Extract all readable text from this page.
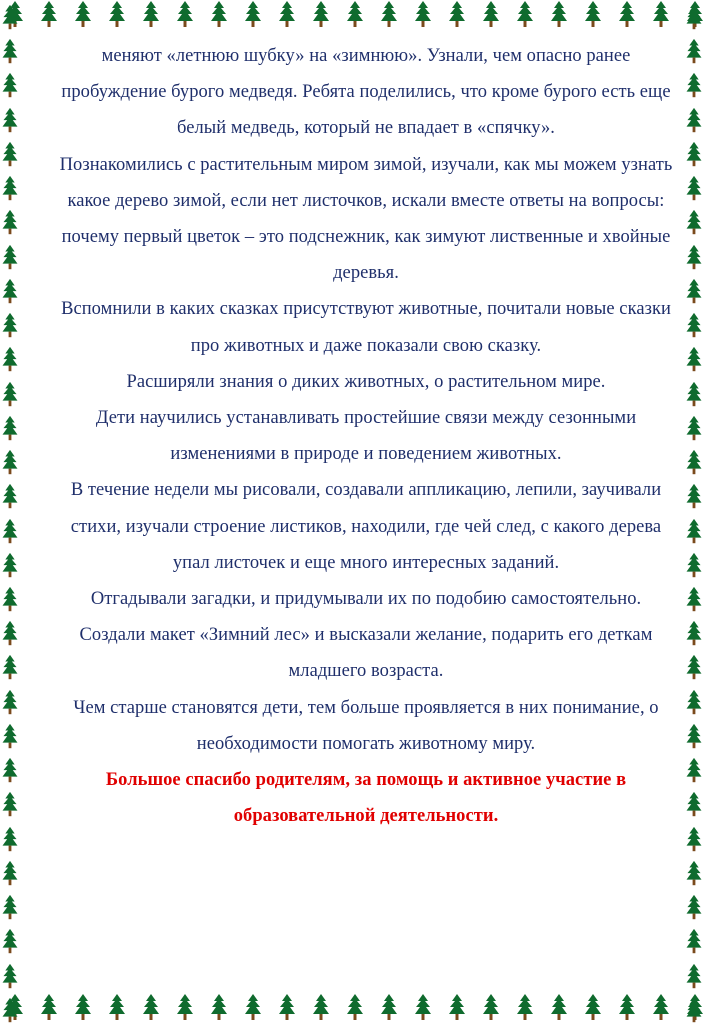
меняют «летнюю шубку» на «зимнюю». Узнали, чем опасно ранее пробуждение бурого медведя. Ребята поделились, что кроме бурого есть еще белый медведь, который не впадает в «спячку».

Познакомились с растительным миром зимой, изучали, как мы можем узнать какое дерево зимой, если нет листочков, искали вместе ответы на вопросы: почему первый цветок – это подснежник, как зимуют лиственные и хвойные деревья.

Вспомнили в каких сказках присутствуют животные, почитали новые сказки про животных и даже показали свою сказку.

Расширяли знания о диких животных, о растительном мире.

Дети научились устанавливать простейшие связи между сезонными изменениями в природе и поведением животных.

В течение недели мы рисовали, создавали аппликацию, лепили, заучивали стихи, изучали строение листиков, находили, где чей след, с какого дерева упал листочек и еще много интересных заданий.

Отгадывали загадки, и придумывали их по подобию самостоятельно.

Создали макет «Зимний лес» и высказали желание, подарить его деткам младшего возраста.

Чем старше становятся дети, тем больше проявляется в них понимание, о необходимости помогать животному миру.

Большое спасибо родителям, за помощь и активное участие в образовательной деятельности.
